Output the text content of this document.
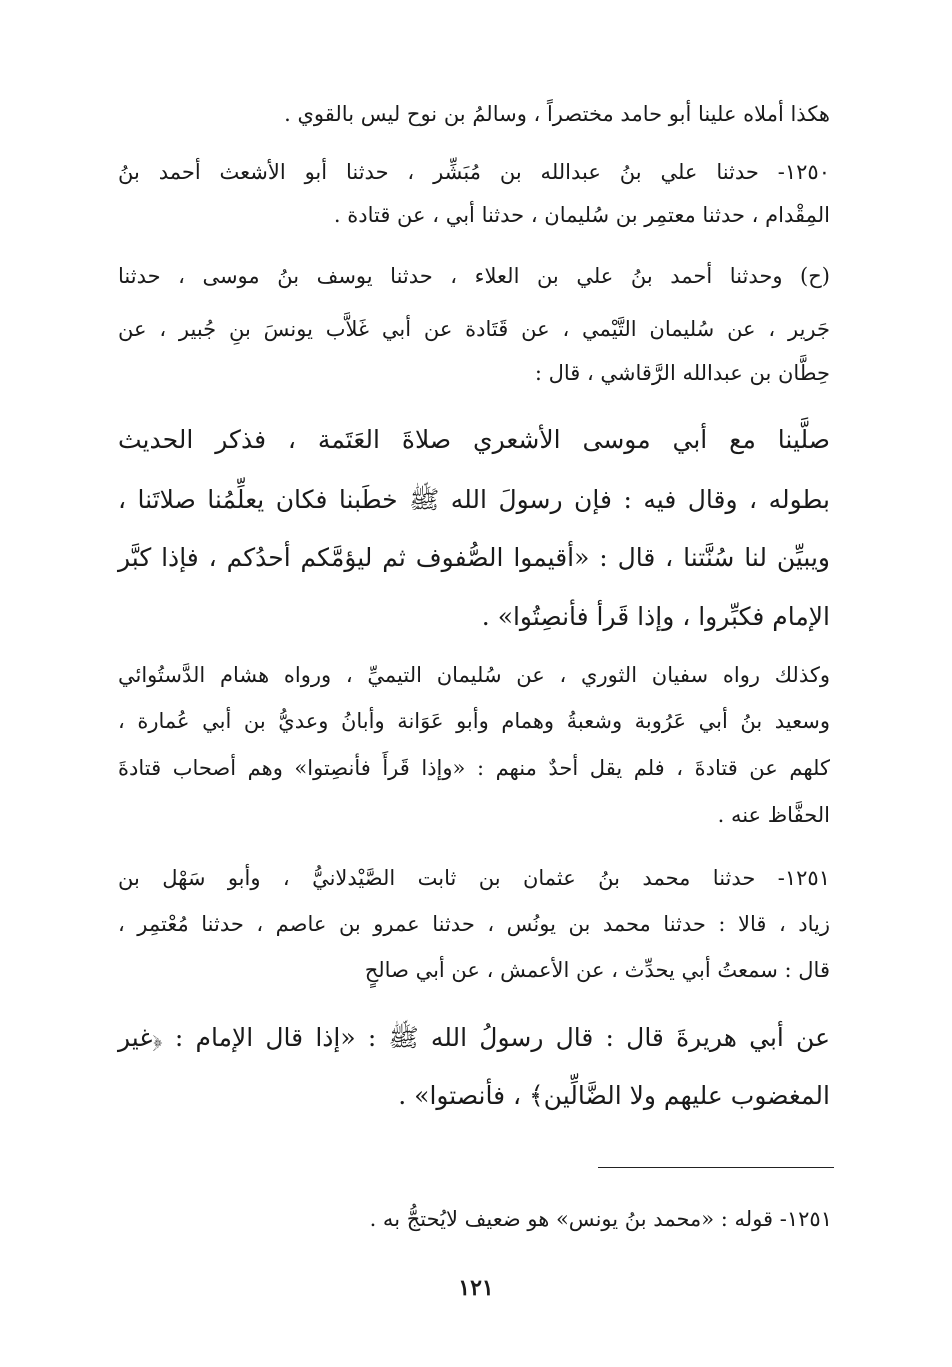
هكذا أملاه علينا أبو حامد مختصراً ، وسالمُ بن نوح ليس بالقوي .
١٢٥٠- حدثنا علي بنُ عبدالله بن مُبَشِّر ، حدثنا أبو الأشعث أحمد بنُ
المِقْدام ، حدثنا معتمِر بن سُليمان ، حدثنا أبي ، عن قتادة .
(ح) وحدثنا أحمد بنُ علي بن العلاء ، حدثنا يوسف بنُ موسى ، حدثنا
جَرير ، عن سُليمان التَّيْمي ، عن قَتَادة عن أبي غَلاَّب يونسَ بنِ جُبير ، عن
حِطَّان بن عبدالله الرَّقاشي ، قال :
صلَّينا مع أبي موسى الأشعري صلاةَ العَتَمة ، فذكر الحديث
بطوله ، وقال فيه : فإن رسولَ الله ﷺ خطَبنا فكان يعلِّمُنا صلاتَنا ،
ويبيِّن لنا سُنَّتنا ، قال : «أقيموا الصُّفوف ثم ليؤمَّكم أحدُكم ، فإذا كبَّر
الإمام فكبِّروا ، وإذا قَرأ فأنصِتُوا» .
وكذلك رواه سفيان الثوري ، عن سُليمان التيميِّ ، ورواه هشام الدَّستُوائي
وسعيد بنُ أبي عَرُوبة وشعبةُ وهمام وأبو عَوَانة وأبانُ وعديُّ بن أبي عُمارة ،
كلهم عن قتادةَ ، فلم يقل أحدٌ منهم : «وإذا قَرأَ فأنصِتوا» وهم أصحاب قتادةَ
الحفَّاظ عنه .
١٢٥١- حدثنا محمد بنُ عثمان بن ثابت الصَّيْدلانيُّ ، وأبو سَهْل بن
زياد ، قالا : حدثنا محمد بن يونُس ، حدثنا عمرو بن عاصم ، حدثنا مُعْتمِر ،
قال : سمعتُ أبي يحدِّث ، عن الأعمش ، عن أبي صالحٍ
عن أبي هريرةَ قال : قال رسولُ الله ﷺ : «إذا قال الإمام : ﴿غير
المغضوب عليهم ولا الضَّالِّين﴾ ، فأنصتوا» .
١٢٥١- قوله : «محمد بنُ يونس» هو ضعيف لايُحتجُّ به .
١٢١
